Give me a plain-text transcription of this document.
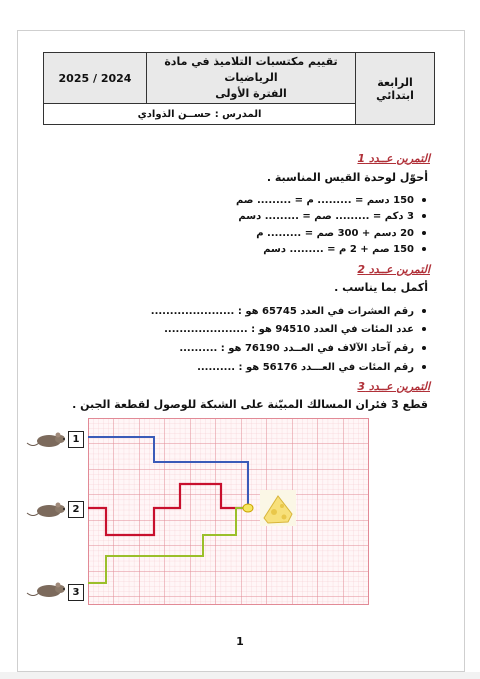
2025 / 2024	
تقييم مكتسبات التلاميذ في مادة الرياضيات
الفترة الأولى
	الرابعة ابتدائي
المدرس : حســن الذوادي
التمرين عــدد 1
أحوّل لوحدة القيس المناسبة .
150 دسم = ......... م = ......... صم
3 دكم = ......... صم = ......... دسم
20 دسم + 300 صم = ......... م
150 صم + 2 م = ......... دسم
التمرين عــدد 2
أكمل بما يناسب .
رقم العشرات في العدد 65745 هو : ......................
عدد المئات في العدد 94510 هو : ......................
رقم آحاد الآلاف في العــدد 76190 هو : ..........
رقم المئات في العـــدد 56176 هو : ..........
التمرين عــدد 3
قطع 3 فئران المسالك المبيّنة على الشبكة للوصول لقطعة الجبن .
1
2
3
1
